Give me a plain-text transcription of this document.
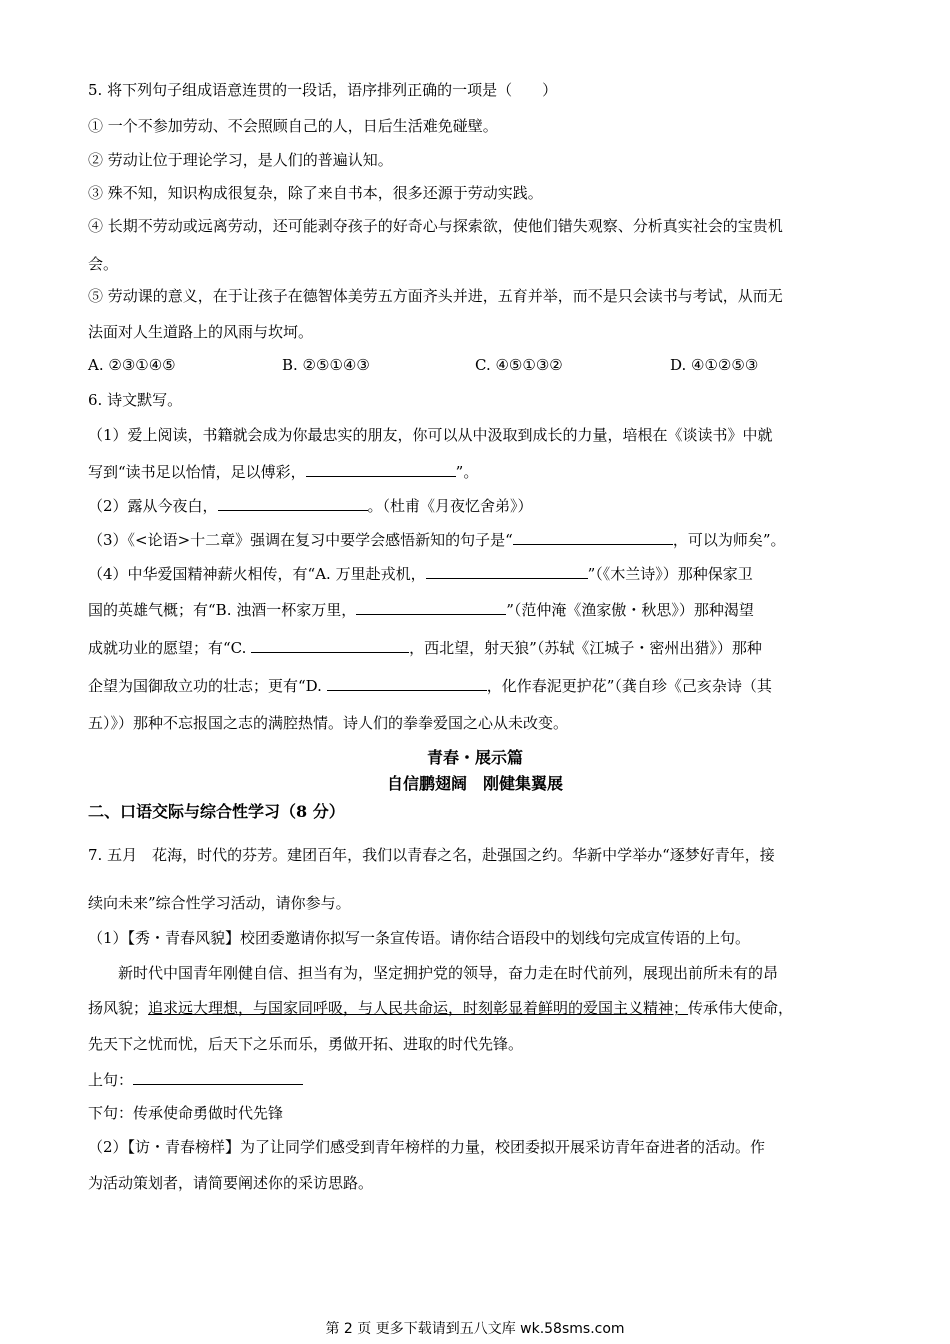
5. 将下列句子组成语意连贯的一段话，语序排列正确的一项是（　　）
① 一个不参加劳动、不会照顾自己的人，日后生活难免碰壁。
② 劳动让位于理论学习，是人们的普遍认知。
③ 殊不知，知识构成很复杂，除了来自书本，很多还源于劳动实践。
④ 长期不劳动或远离劳动，还可能剥夺孩子的好奇心与探索欲，使他们错失观察、分析真实社会的宝贵机
会。
⑤ 劳动课的意义，在于让孩子在德智体美劳五方面齐头并进，五育并举，而不是只会读书与考试，从而无
法面对人生道路上的风雨与坎坷。
A. ②③①④⑤	B. ②⑤①④③	C. ④⑤①③②	D. ④①②⑤③
6. 诗文默写。
（1）爱上阅读，书籍就会成为你最忠实的朋友，你可以从中汲取到成长的力量，培根在《谈读书》中就
写到“读书足以怡情，足以傅彩，	”。
（2）露从今夜白，	。（杜甫《月夜忆舍弟》）
（3）《<论语>十二章》强调在复习中要学会感悟新知的句子是“	，可以为师矣”。
（4）中华爱国精神薪火相传，有“A. 万里赴戎机，	”（《木兰诗》）那种保家卫
国的英雄气概；有“B. 浊酒一杯家万里，	”（范仲淹《渔家傲・秋思》）那种渴望
成就功业的愿望；有“C.	，西北望，射天狼”（苏轼《江城子・密州出猎》）那种
企望为国御敌立功的壮志；更有“D.	，化作春泥更护花”（龚自珍《己亥杂诗（其
五）》）那种不忘报国之志的满腔热情。诗人们的拳拳爱国之心从未改变。
青春・展示篇
自信鹏翅阔　刚健集翼展
二、口语交际与综合性学习（8 分）
7. 五月　花海，时代的芬芳。建团百年，我们以青春之名，赴强国之约。华新中学举办“逐梦好青年，接
续向未来”综合性学习活动，请你参与。
（1）【秀・青春风貌】校团委邀请你拟写一条宣传语。请你结合语段中的划线句完成宣传语的上句。
新时代中国青年刚健自信、担当有为，坚定拥护党的领导，奋力走在时代前列，展现出前所未有的昂
扬风貌；追求远大理想，与国家同呼吸，与人民共命运，时刻彰显着鲜明的爱国主义精神；传承伟大使命，
先天下之忧而忧，后天下之乐而乐，勇做开拓、进取的时代先锋。
上句：
下句：传承使命勇做时代先锋
（2）【访・青春榜样】为了让同学们感受到青年榜样的力量，校团委拟开展采访青年奋进者的活动。作
为活动策划者，请简要阐述你的采访思路。
第 2 页 更多下载请到五八文库 wk.58sms.com
